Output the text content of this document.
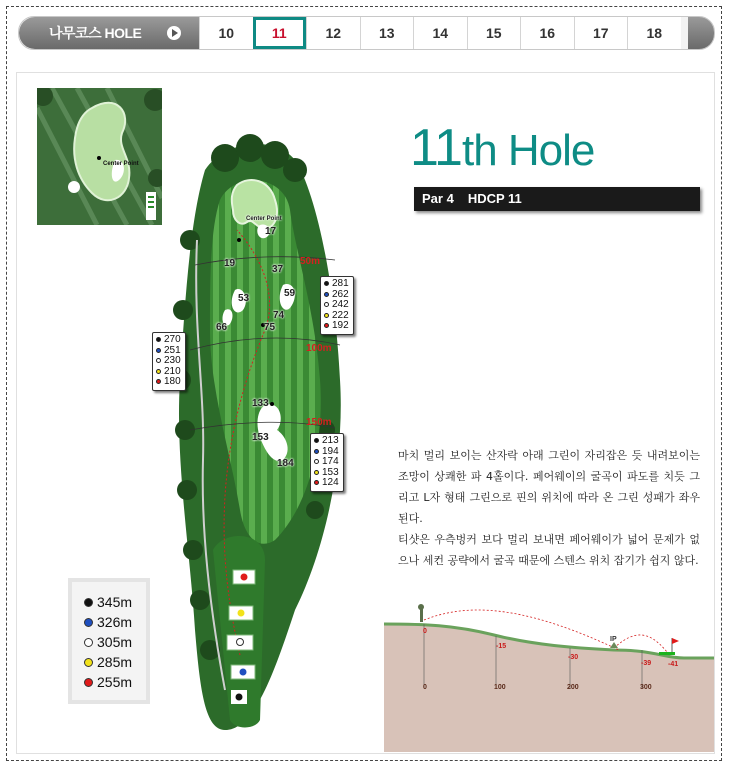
나무코스 HOLE	10	11	12	13	14	15	16	17	18
Center Point
Center Point
17
19
37
53	59
74
66	75
133
153
184
50m
100m
150m
281
262
242
222
192
270
251
230
210
180
213
194
174
153
124
345m
326m
305m
285m
255m
11th Hole
Par 4 HDCP 11

마치 멀리 보이는 산자락 아래 그린이 자리잡은 듯 내려보이는 조망이 상쾌한 파 4홀이다. 페어웨이의 굴곡이 파도를 치듯 그리고 L자 형태 그린으로 핀의 위치에 따라 온 그린 성패가 좌우된다.

티샷은 우측벙커 보다 멀리 보내면 페어웨이가 넓어 문제가 없으나 세컨 공략에서 굴곡 때문에 스텐스 위치 잡기가 쉽지 않다.

0
-15
-30
-39 -41
0	100	200	300
IP
